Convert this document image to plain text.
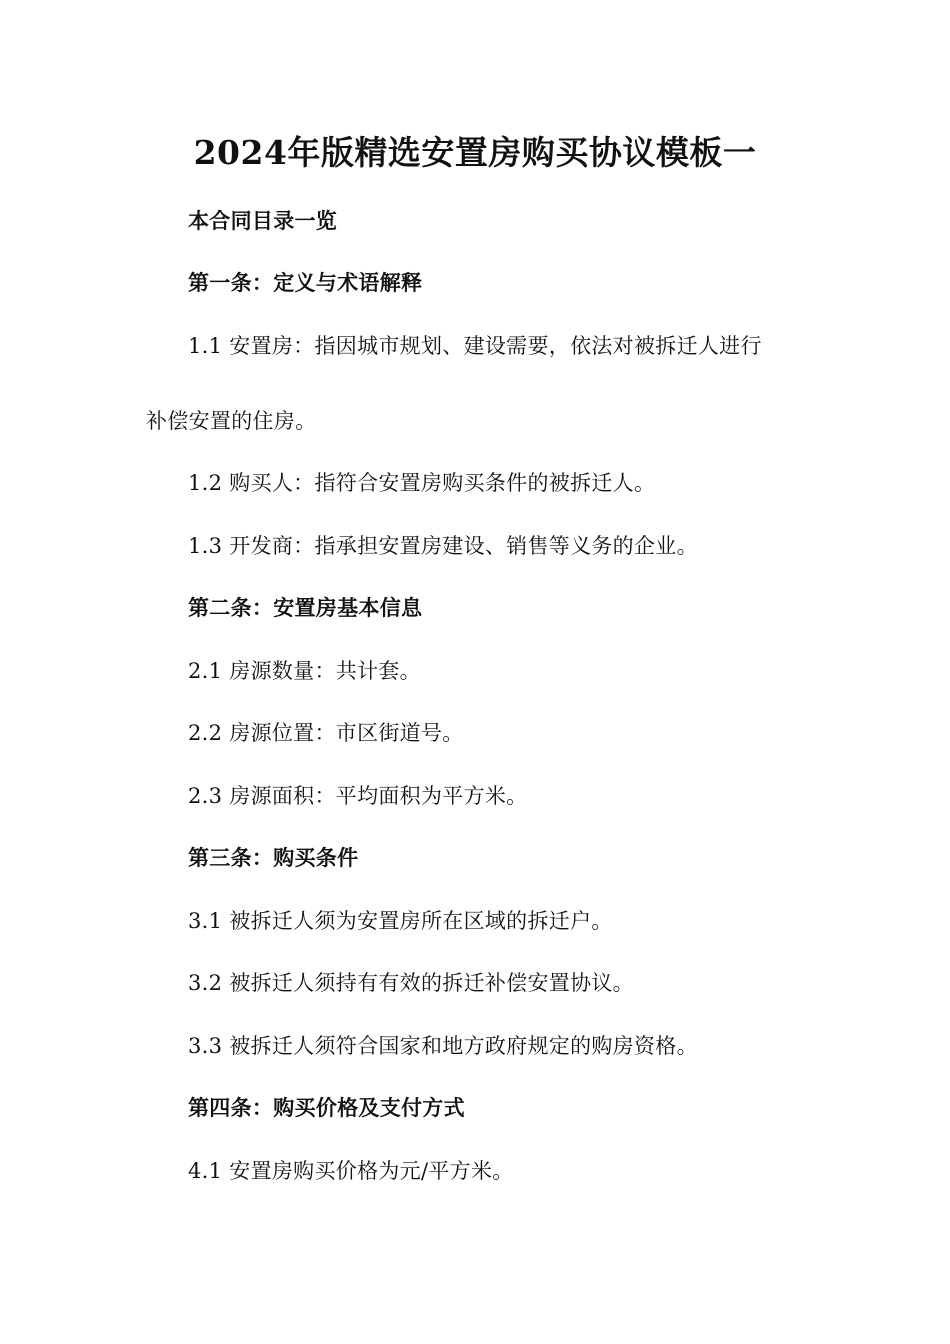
2024年版精选安置房购买协议模板一
本合同目录一览
第一条：定义与术语解释
1.1 安置房：指因城市规划、建设需要，依法对被拆迁人进行
补偿安置的住房。
1.2 购买人：指符合安置房购买条件的被拆迁人。
1.3 开发商：指承担安置房建设、销售等义务的企业。
第二条：安置房基本信息
2.1 房源数量：共计套。
2.2 房源位置：市区街道号。
2.3 房源面积：平均面积为平方米。
第三条：购买条件
3.1 被拆迁人须为安置房所在区域的拆迁户。
3.2 被拆迁人须持有有效的拆迁补偿安置协议。
3.3 被拆迁人须符合国家和地方政府规定的购房资格。
第四条：购买价格及支付方式
4.1 安置房购买价格为元/平方米。
